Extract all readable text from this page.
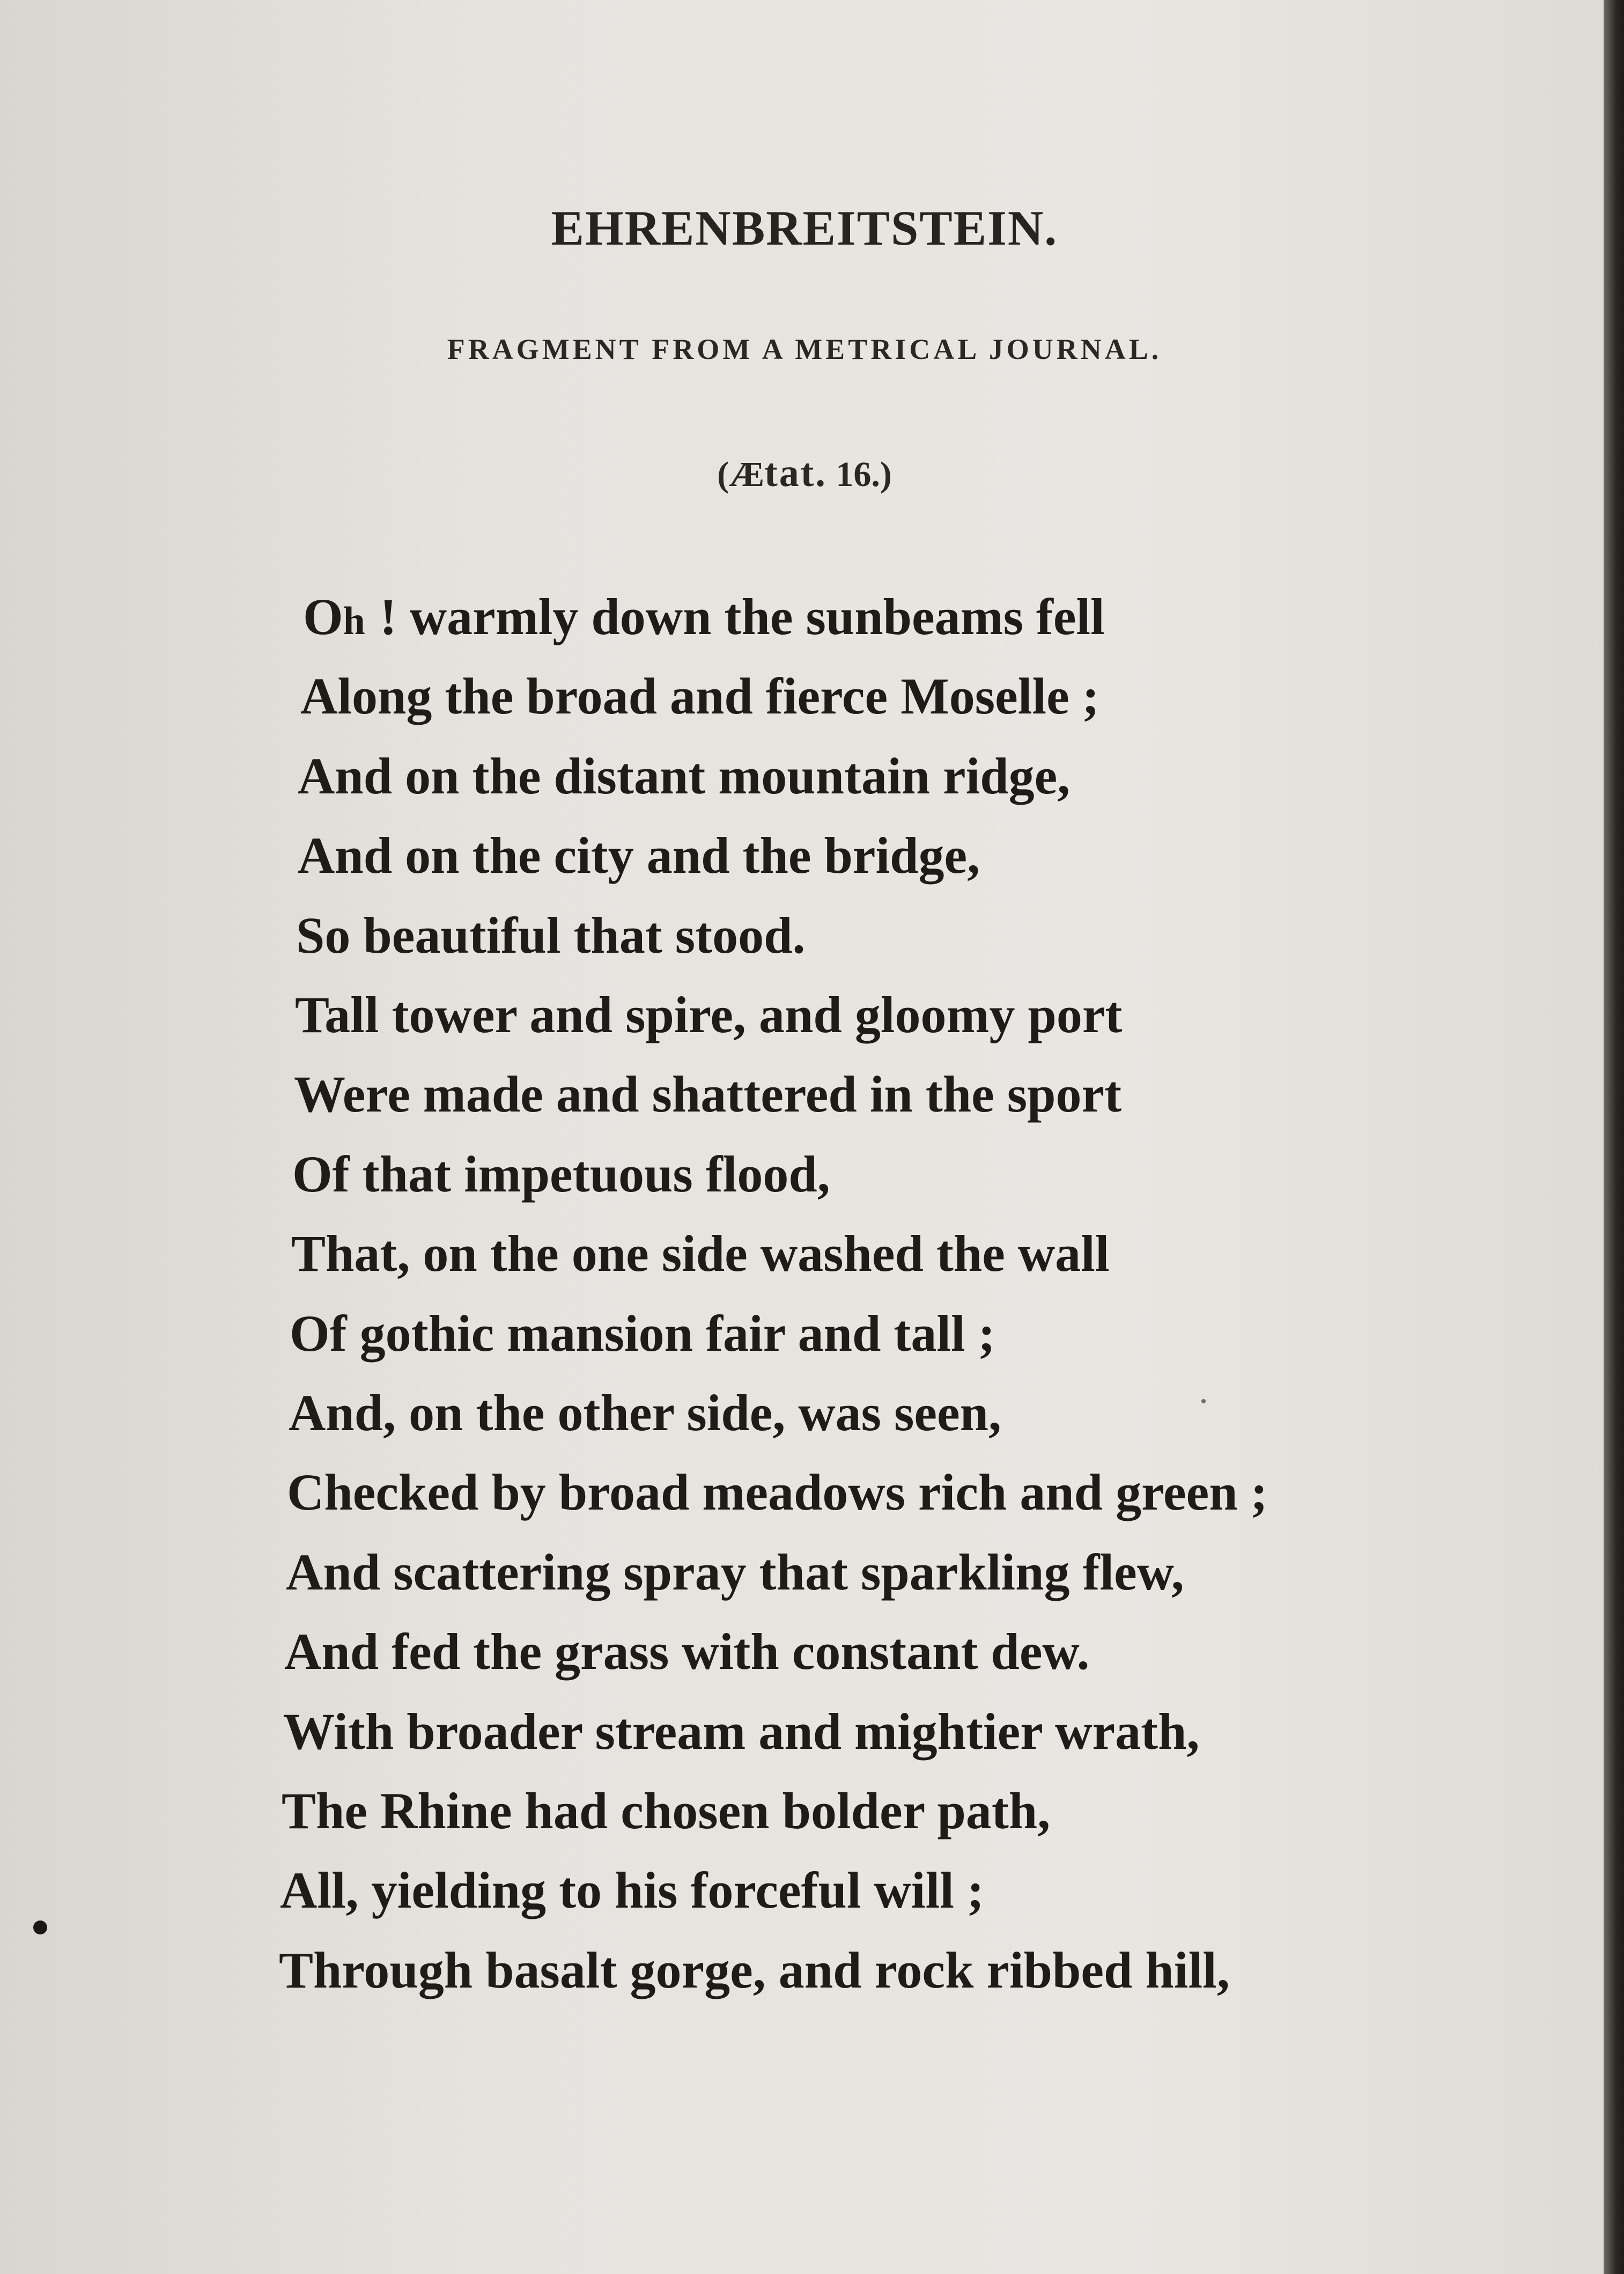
EHRENBREITSTEIN.
FRAGMENT FROM A METRICAL JOURNAL.
(Ætat. 16.)
Oh ! warmly down the sunbeams fell
Along the broad and fierce Moselle ;
And on the distant mountain ridge,
And on the city and the bridge,
So beautiful that stood.
Tall tower and spire, and gloomy port
Were made and shattered in the sport
Of that impetuous flood,
That, on the one side washed the wall
Of gothic mansion fair and tall ;
And, on the other side, was seen,
Checked by broad meadows rich and green ;
And scattering spray that sparkling flew,
And fed the grass with constant dew.
With broader stream and mightier wrath,
The Rhine had chosen bolder path,
All, yielding to his forceful will ;
Through basalt gorge, and rock ribbed hill,
